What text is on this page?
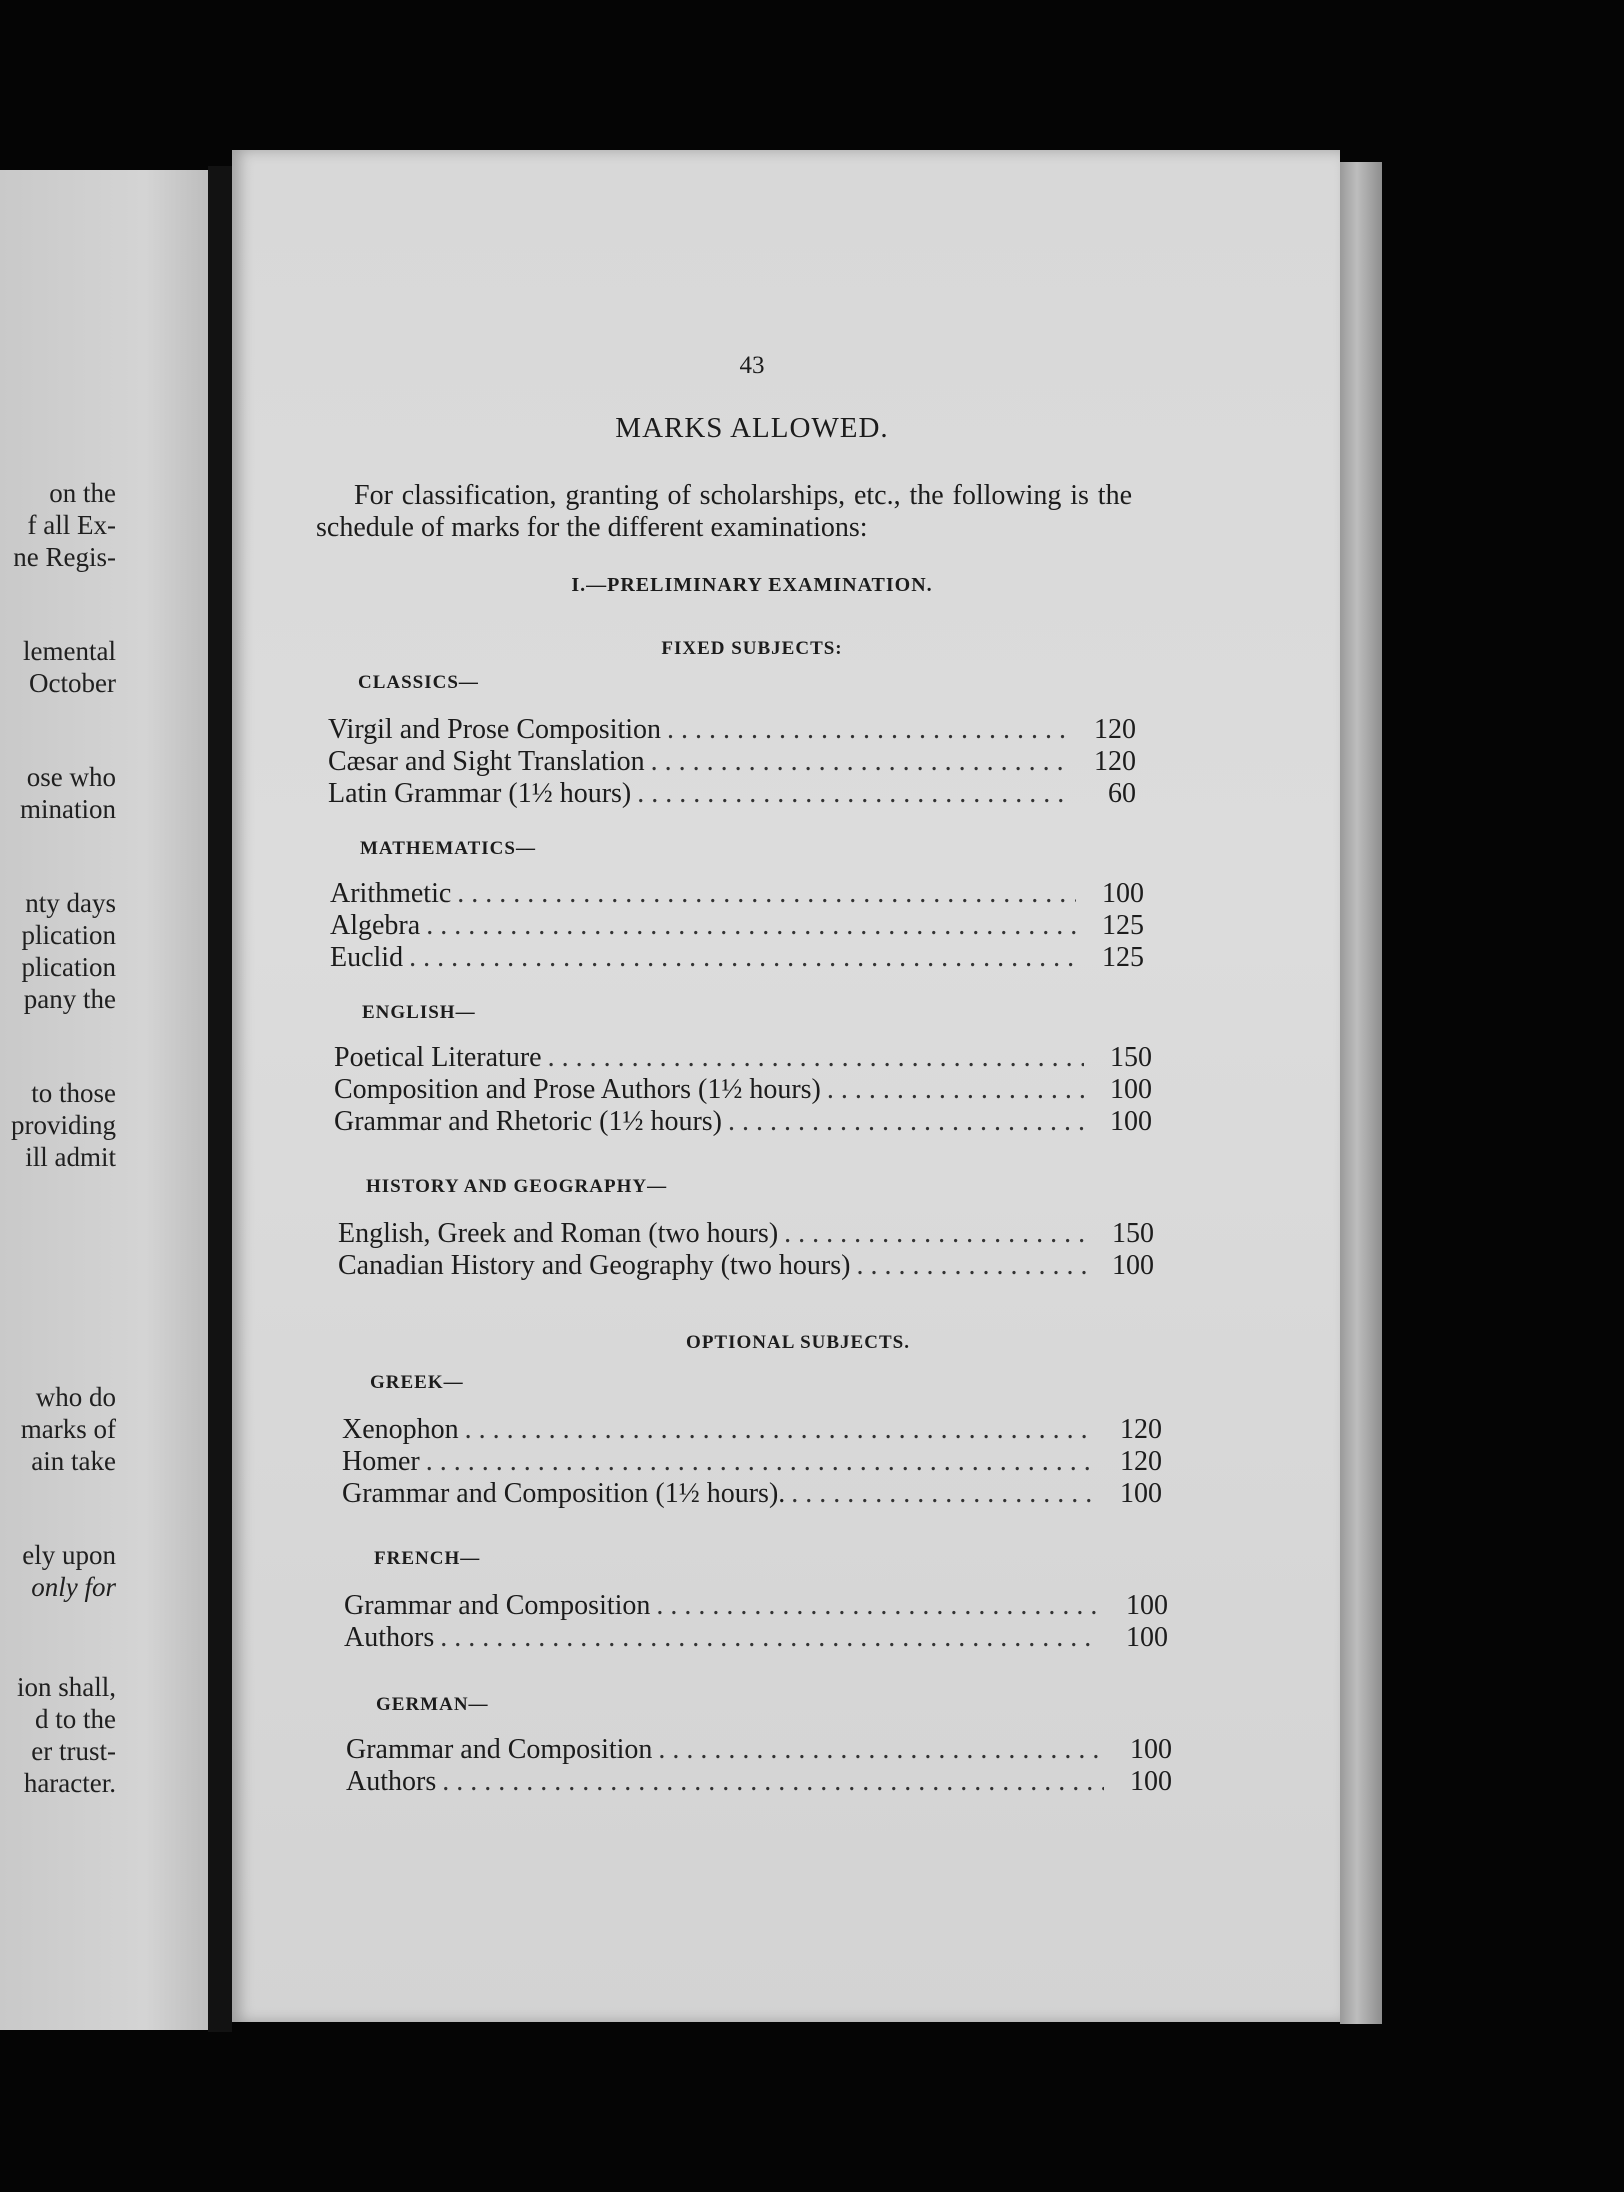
on the
f all Ex-
ne Regis-
lemental
October
ose who
mination
nty days
plication
plication
pany the
to those
providing
ill admit
who do
marks of
ain take
ely upon
only for
ion shall,
d to the
er trust-
haracter.
43
MARKS ALLOWED.
For classification, granting of scholarships, etc., the following is the schedule of marks for the different examinations:
I.—PRELIMINARY EXAMINATION.
FIXED SUBJECTS:
CLASSICS—
Virgil and Prose Composition . . .	120
Cæsar and Sight Translation . . .	120
Latin Grammar (1½ hours) . . .	60
MATHEMATICS—
Arithmetic . . .	100
Algebra . . .	125
Euclid . . .	125
ENGLISH—
Poetical Literature . . .	150
Composition and Prose Authors (1½ hours) . . .	100
Grammar and Rhetoric (1½ hours) . . .	100
HISTORY AND GEOGRAPHY—
English, Greek and Roman (two hours) . . .	150
Canadian History and Geography (two hours) . . .	100
OPTIONAL SUBJECTS.
GREEK—
Xenophon . . .	120
Homer . . .	120
Grammar and Composition (1½ hours). . . .	100
FRENCH—
Grammar and Composition . . .	100
Authors . . .	100
GERMAN—
Grammar and Composition . . .	100
Authors . . .	100
